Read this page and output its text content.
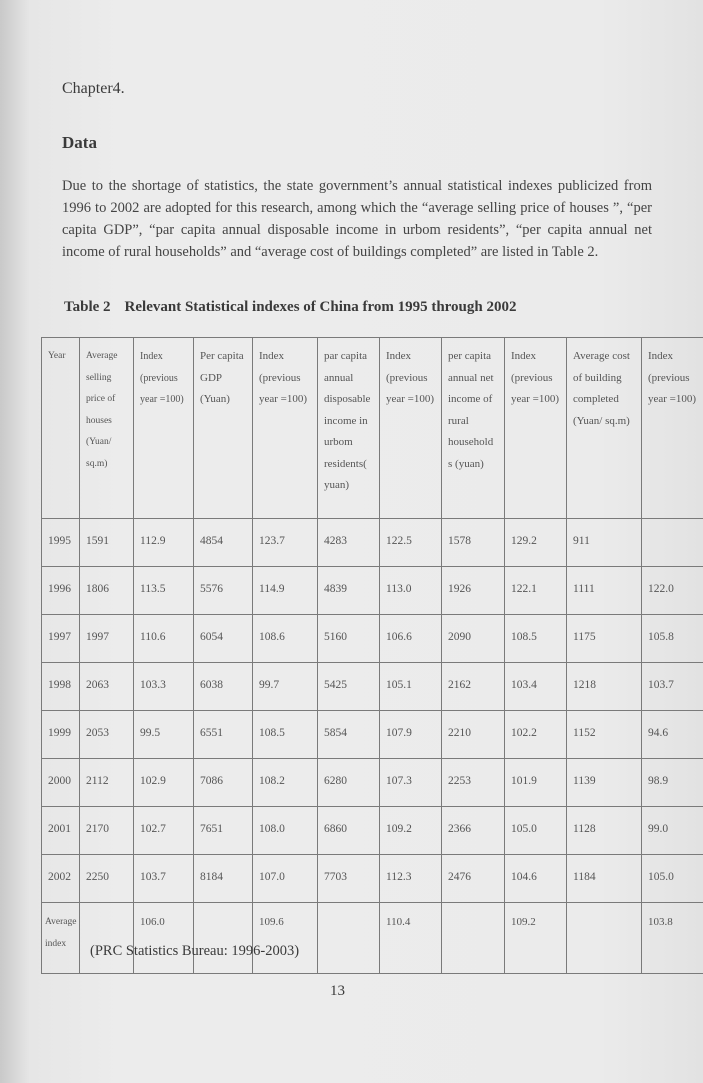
Chapter4.
Data
Due to the shortage of statistics, the state government’s annual statistical indexes publicized from 1996 to 2002 are adopted for this research, among which the “average selling price of houses ”, “per capita GDP”, “par capita annual disposable income in urbom residents”, “per capita annual net income of rural households” and “average cost of buildings completed” are listed in Table 2.
Table 2 Relevant Statistical indexes of China from 1995 through 2002
Year	Average selling price of houses (Yuan/ sq.m)	Index (previous year =100)	Per capita GDP (Yuan)	Index (previous year =100)	par capita annual disposable income in urbom residents( yuan)	Index (previous year =100)	per capita annual net income of rural household s (yuan)	Index (previous year =100)	Average cost of building completed (Yuan/ sq.m)	Index (previous year =100)
1995	1591	112.9	4854	123.7	4283	122.5	1578	129.2	911	
1996	1806	113.5	5576	114.9	4839	113.0	1926	122.1	1111	122.0
1997	1997	110.6	6054	108.6	5160	106.6	2090	108.5	1175	105.8
1998	2063	103.3	6038	99.7	5425	105.1	2162	103.4	1218	103.7
1999	2053	99.5	6551	108.5	5854	107.9	2210	102.2	1152	94.6
2000	2112	102.9	7086	108.2	6280	107.3	2253	101.9	1139	98.9
2001	2170	102.7	7651	108.0	6860	109.2	2366	105.0	1128	99.0
2002	2250	103.7	8184	107.0	7703	112.3	2476	104.6	1184	105.0
Average index		106.0		109.6		110.4		109.2		103.8
(PRC Statistics Bureau: 1996-2003)
13
